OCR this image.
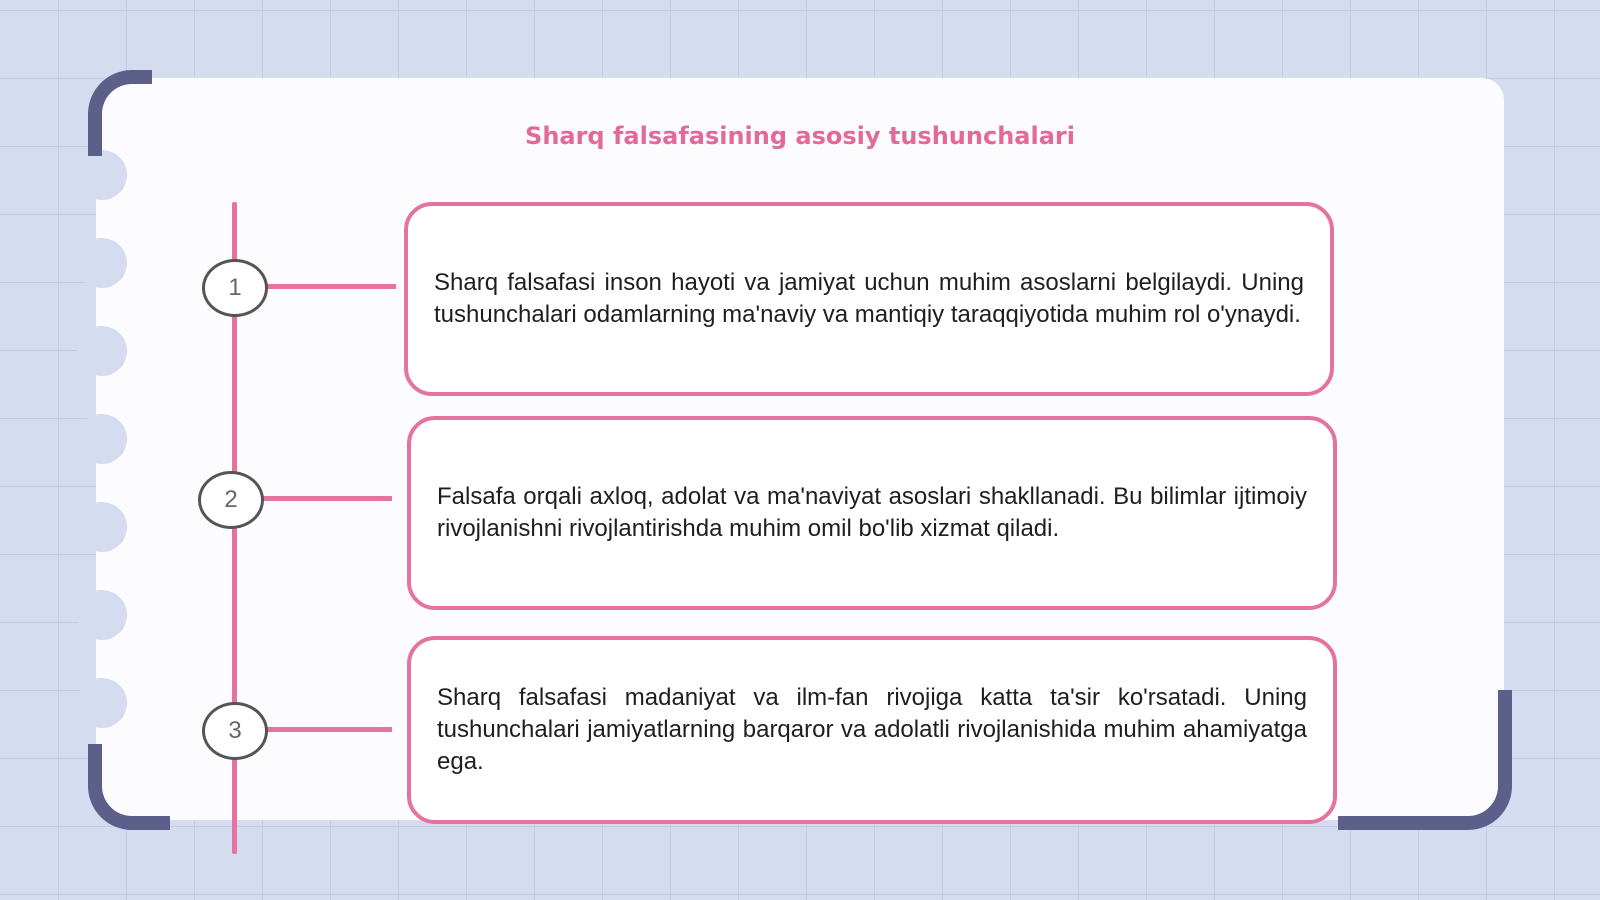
Sharq falsafasining asosiy tushunchalari
1
2
3

Sharq falsafasi inson hayoti va jamiyat uchun muhim asoslarni belgilaydi. Uning tushunchalari odamlarning ma'naviy va mantiqiy taraqqiyotida muhim rol o'ynaydi.

Falsafa orqali axloq, adolat va ma'naviyat asoslari shakllanadi. Bu bilimlar ijtimoiy rivojlanishni rivojlantirishda muhim omil bo'lib xizmat qiladi.

Sharq falsafasi madaniyat va ilm-fan rivojiga katta ta'sir ko'rsatadi. Uning tushunchalari jamiyatlarning barqaror va adolatli rivojlanishida muhim ahamiyatga ega.
